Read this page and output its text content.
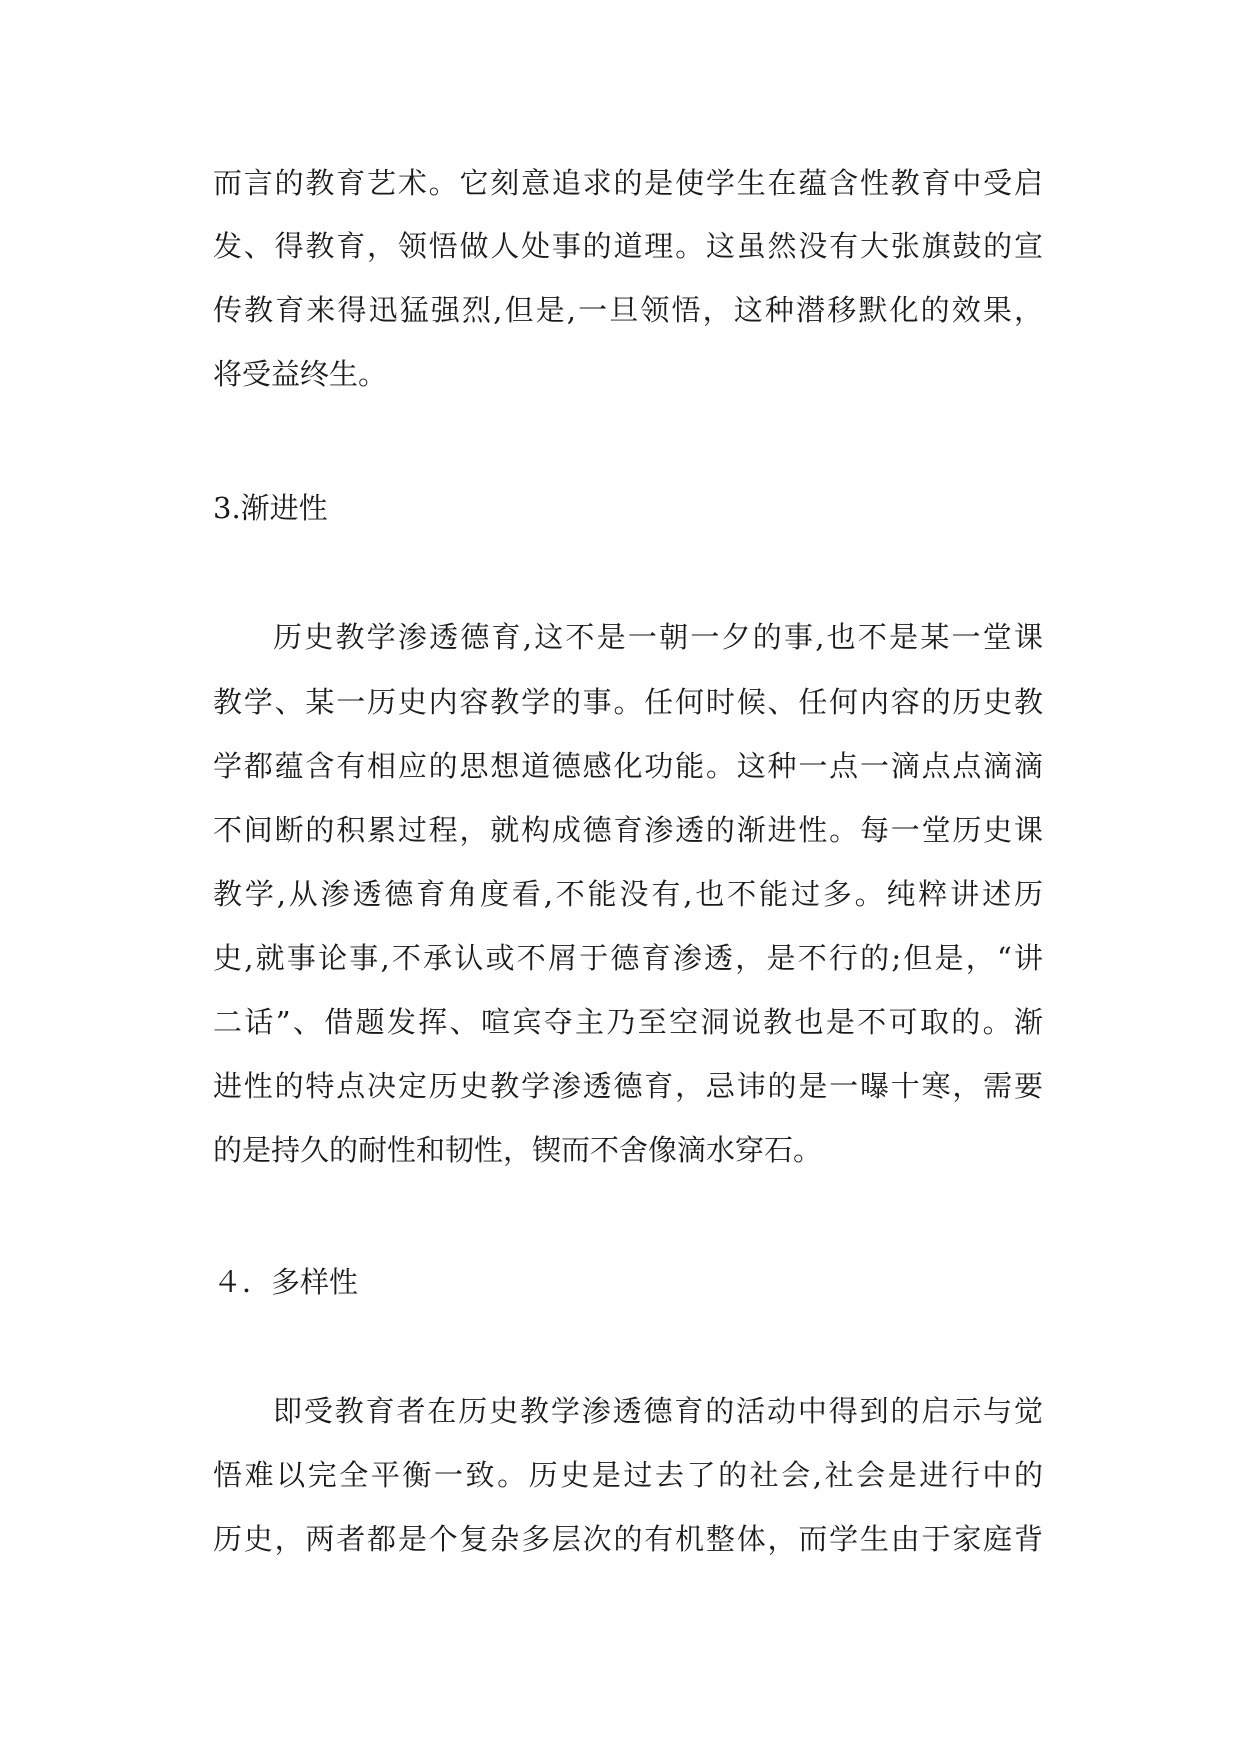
而言的教育艺术。它刻意追求的是使学生在蕴含性教育中受启
发、得教育，领悟做人处事的道理。这虽然没有大张旗鼓的宣
传教育来得迅猛强烈,但是,一旦领悟，这种潜移默化的效果，
将受益终生。
3.渐进性
历史教学渗透德育,这不是一朝一夕的事,也不是某一堂课
教学、某一历史内容教学的事。任何时候、任何内容的历史教
学都蕴含有相应的思想道德感化功能。这种一点一滴点点滴滴
不间断的积累过程，就构成德育渗透的渐进性。每一堂历史课
教学,从渗透德育角度看,不能没有,也不能过多。纯粹讲述历
史,就事论事,不承认或不屑于德育渗透，是不行的;但是，“讲
二话”、借题发挥、喧宾夺主乃至空洞说教也是不可取的。渐
进性的特点决定历史教学渗透德育，忌讳的是一曝十寒，需要
的是持久的耐性和韧性，锲而不舍像滴水穿石。
４．多样性
即受教育者在历史教学渗透德育的活动中得到的启示与觉
悟难以完全平衡一致。历史是过去了的社会,社会是进行中的
历史，两者都是个复杂多层次的有机整体，而学生由于家庭背
